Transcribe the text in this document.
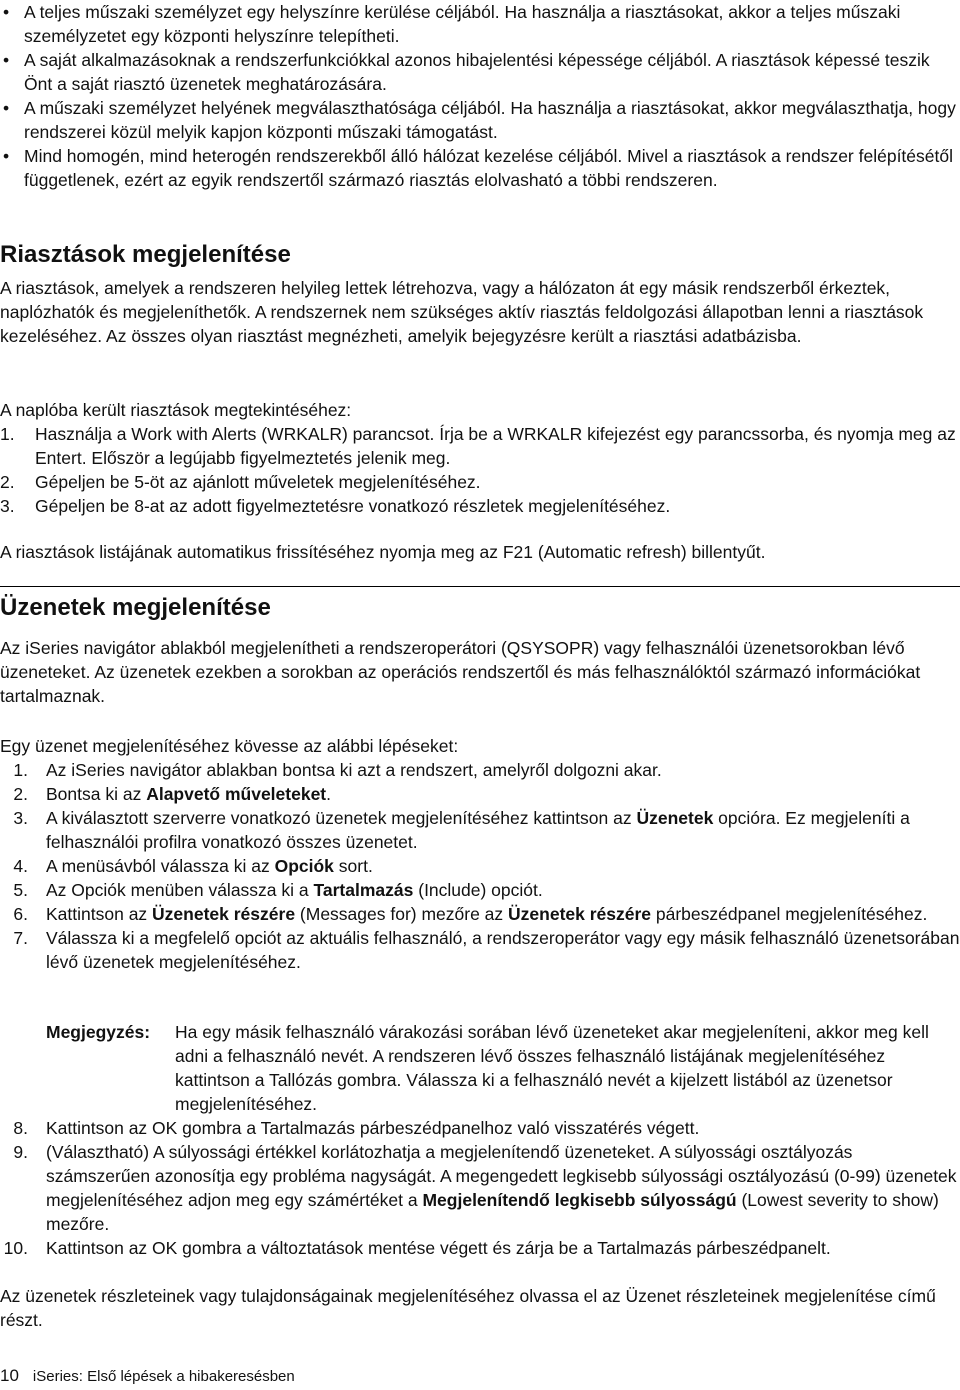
• A teljes műszaki személyzet egy helyszínre kerülése céljából. Ha használja a riasztásokat, akkor a teljes műszaki személyzetet egy központi helyszínre telepítheti.
• A saját alkalmazásoknak a rendszerfunkciókkal azonos hibajelentési képessége céljából. A riasztások képessé teszik Önt a saját riasztó üzenetek meghatározására.
• A műszaki személyzet helyének megválaszthatósága céljából. Ha használja a riasztásokat, akkor megválaszthatja, hogy rendszerei közül melyik kapjon központi műszaki támogatást.
• Mind homogén, mind heterogén rendszerekből álló hálózat kezelése céljából. Mivel a riasztások a rendszer felépítésétől függetlenek, ezért az egyik rendszertől származó riasztás elolvasható a többi rendszeren.
Riasztások megjelenítése

A riasztások, amelyek a rendszeren helyileg lettek létrehozva, vagy a hálózaton át egy másik rendszerből érkeztek, naplózhatók és megjeleníthetők. A rendszernek nem szükséges aktív riasztás feldolgozási állapotban lenni a riasztások kezeléséhez. Az összes olyan riasztást megnézheti, amelyik bejegyzésre került a riasztási adatbázisba.

A naplóba került riasztások megtekintéséhez:

1. Használja a Work with Alerts (WRKALR) parancsot. Írja be a WRKALR kifejezést egy parancssorba, és nyomja meg az Entert. Először a legújabb figyelmeztetés jelenik meg.
2. Gépeljen be 5-öt az ajánlott műveletek megjelenítéséhez.
3. Gépeljen be 8-at az adott figyelmeztetésre vonatkozó részletek megjelenítéséhez.

A riasztások listájának automatikus frissítéséhez nyomja meg az F21 (Automatic refresh) billentyűt.

Üzenetek megjelenítése

Az iSeries navigátor ablakból megjelenítheti a rendszeroperátori (QSYSOPR) vagy felhasználói üzenetsorokban lévő üzeneteket. Az üzenetek ezekben a sorokban az operációs rendszertől és más felhasználóktól származó információkat tartalmaznak.

Egy üzenet megjelenítéséhez kövesse az alábbi lépéseket:

1. Az iSeries navigátor ablakban bontsa ki azt a rendszert, amelyről dolgozni akar.
2. Bontsa ki az Alapvető műveleteket.
3. A kiválasztott szerverre vonatkozó üzenetek megjelenítéséhez kattintson az Üzenetek opcióra. Ez megjeleníti a felhasználói profilra vonatkozó összes üzenetet.
4. A menüsávból válassza ki az Opciók sort.
5. Az Opciók menüben válassza ki a Tartalmazás (Include) opciót.
6. Kattintson az Üzenetek részére (Messages for) mezőre az Üzenetek részére párbeszédpanel megjelenítéséhez.
7. Válassza ki a megfelelő opciót az aktuális felhasználó, a rendszeroperátor vagy egy másik felhasználó üzenetsorában lévő üzenetek megjelenítéséhez.
Megjegyzés: Ha egy másik felhasználó várakozási sorában lévő üzeneteket akar megjeleníteni, akkor meg kell adni a felhasználó nevét. A rendszeren lévő összes felhasználó listájának megjelenítéséhez kattintson a Tallózás gombra. Válassza ki a felhasználó nevét a kijelzett listából az üzenetsor megjelenítéséhez.

8. Kattintson az OK gombra a Tartalmazás párbeszédpanelhoz való visszatérés végett.
9. (Választható) A súlyossági értékkel korlátozhatja a megjelenítendő üzeneteket. A súlyossági osztályozás számszerűen azonosítja egy probléma nagyságát. A megengedett legkisebb súlyossági osztályozású (0-99) üzenetek megjelenítéséhez adjon meg egy számértéket a Megjelenítendő legkisebb súlyosságú (Lowest severity to show) mezőre.
10. Kattintson az OK gombra a változtatások mentése végett és zárja be a Tartalmazás párbeszédpanelt.

Az üzenetek részleteinek vagy tulajdonságainak megjelenítéséhez olvassa el az Üzenet részleteinek megjelenítése című részt.

10 iSeries: Első lépések a hibakeresésben
